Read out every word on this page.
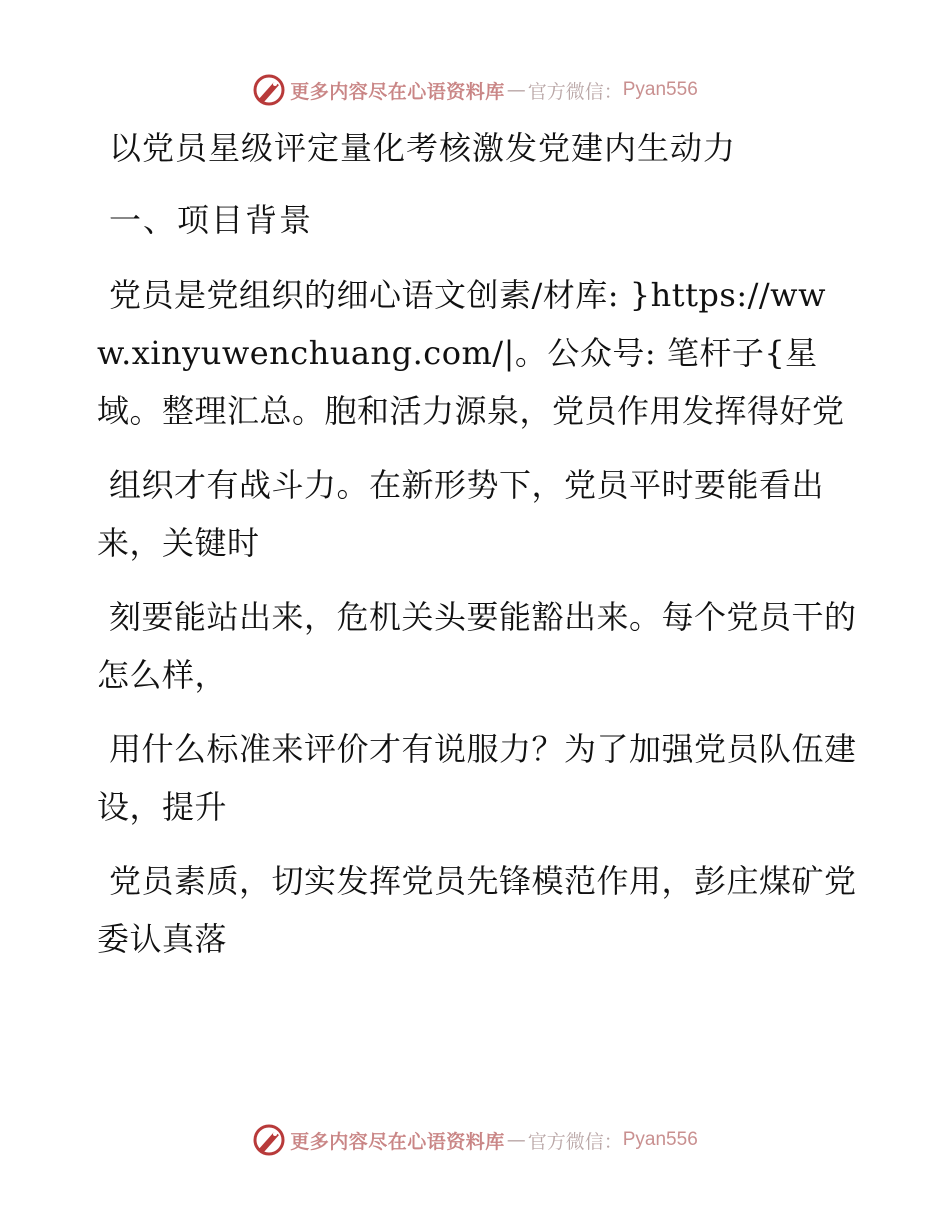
更多内容尽在心语资料库 — 官方微信： Pyan556
以党员星级评定量化考核激发党建内生动力
一、项目背景

党员是党组织的细心语文创素/材库: }https://www.xinyuwenchuang.com/|。公众号: 笔杆子{星域。整理汇总。胞和活力源泉，党员作用发挥得好党

组织才有战斗力。在新形势下，党员平时要能看出来，关键时

刻要能站出来，危机关头要能豁出来。每个党员干的怎么样，

用什么标准来评价才有说服力？为了加强党员队伍建设，提升

党员素质，切实发挥党员先锋模范作用，彭庄煤矿党委认真落

更多内容尽在心语资料库 — 官方微信： Pyan556
